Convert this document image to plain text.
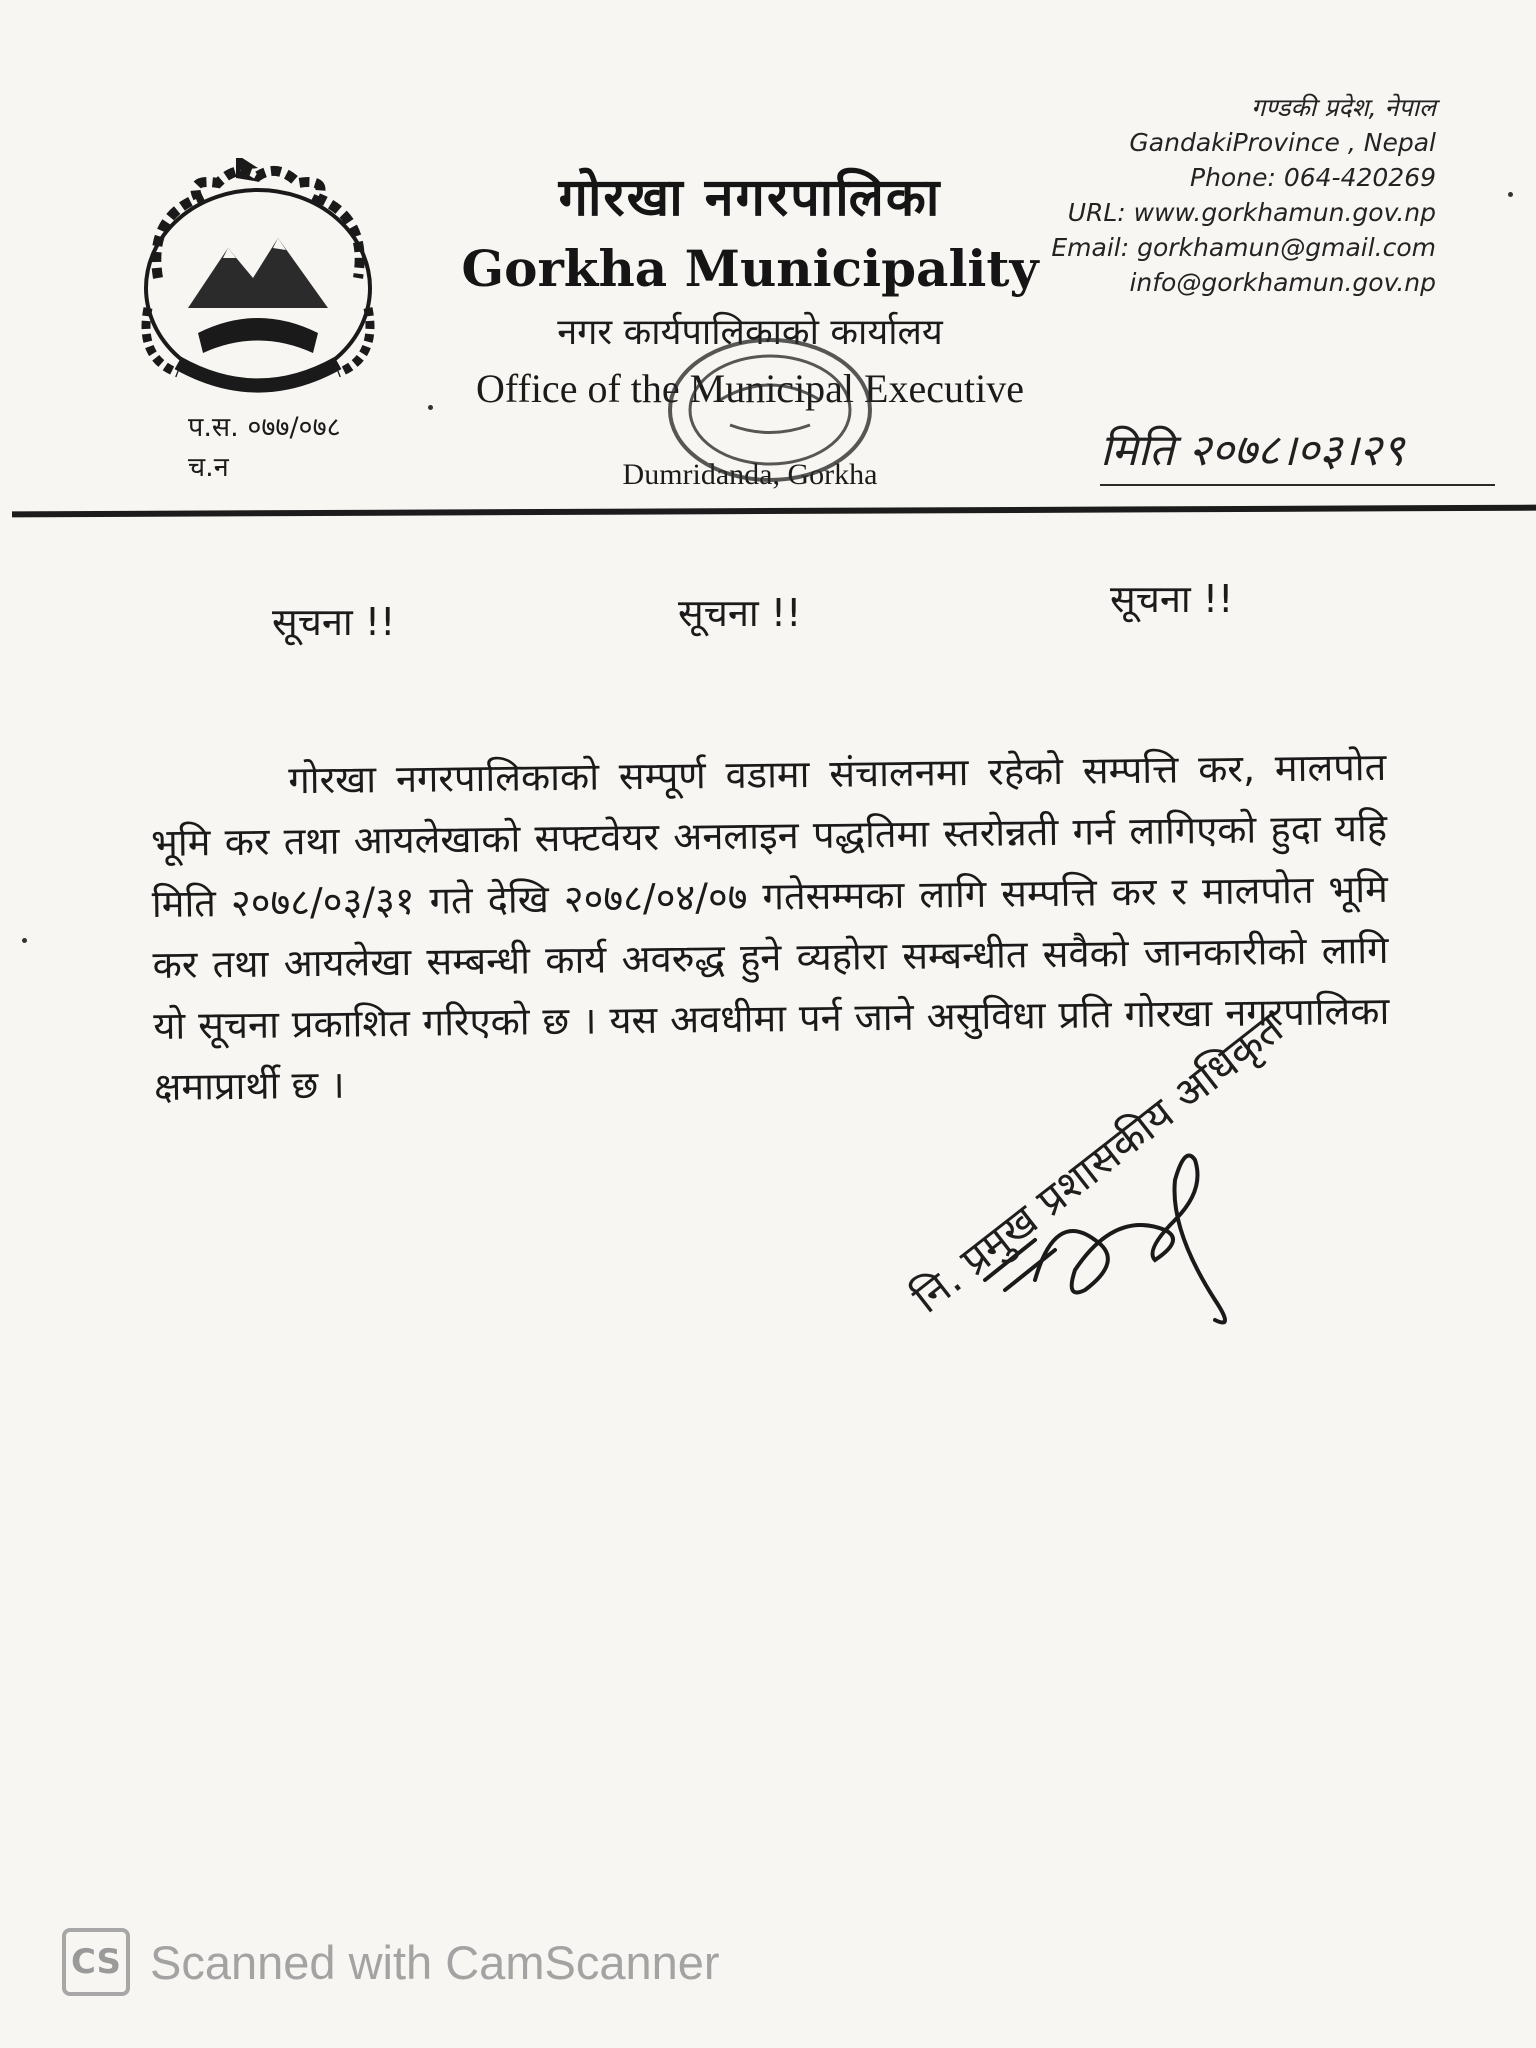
गोरखा नगरपालिका
Gorkha Municipality
नगर कार्यपालिकाको कार्यालय
Office of the Municipal Executive
Dumridanda, Gorkha
गण्डकी प्रदेश, नेपाल
GandakiProvince , Nepal
Phone: 064-420269
URL: www.gorkhamun.gov.np
Email: gorkhamun@gmail.com
info@gorkhamun.gov.np
प.स. ०७७/०७८
च.न	मिति २०७८।०३।२९
सूचना !!	सूचना !!	सूचना !!
गोरखा नगरपालिकाको सम्पूर्ण वडामा संचालनमा रहेको सम्पत्ति कर, मालपोत भूमि कर तथा आयलेखाको सफ्टवेयर अनलाइन पद्धतिमा स्तरोन्नती गर्न लागिएको हुदा यहि मिति २०७८/०३/३१ गते देखि २०७८/०४/०७ गतेसम्मका लागि सम्पत्ति कर र मालपोत भूमि कर तथा आयलेखा सम्बन्धी कार्य अवरुद्ध हुने व्यहोरा सम्बन्धीत सवैको जानकारीको लागि यो सूचना प्रकाशित गरिएको छ । यस अवधीमा पर्न जाने असुविधा प्रति गोरखा नगरपालिका क्षमाप्रार्थी छ ।	नि. प्रमुख प्रशासकीय अधिकृत
CS Scanned with CamScanner
